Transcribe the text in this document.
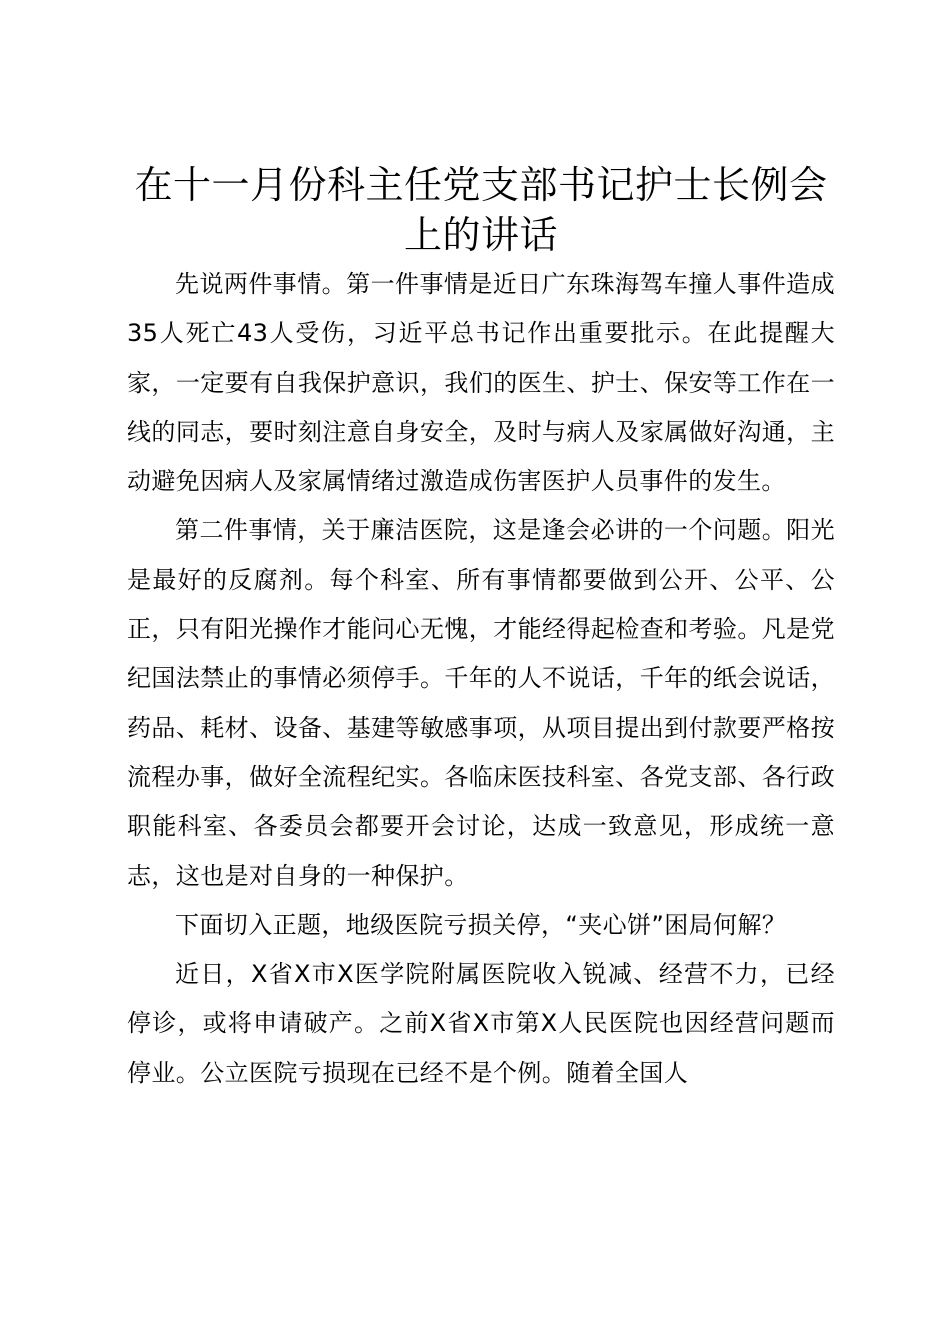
在十一月份科主任党支部书记护士长例会上的讲话

先说两件事情。第一件事情是近日广东珠海驾车撞人事件造成35人死亡43人受伤，习近平总书记作出重要批示。在此提醒大家，一定要有自我保护意识，我们的医生、护士、保安等工作在一线的同志，要时刻注意自身安全，及时与病人及家属做好沟通，主动避免因病人及家属情绪过激造成伤害医护人员事件的发生。

第二件事情，关于廉洁医院，这是逢会必讲的一个问题。阳光是最好的反腐剂。每个科室、所有事情都要做到公开、公平、公正，只有阳光操作才能问心无愧，才能经得起检查和考验。凡是党纪国法禁止的事情必须停手。千年的人不说话，千年的纸会说话，药品、耗材、设备、基建等敏感事项，从项目提出到付款要严格按流程办事，做好全流程纪实。各临床医技科室、各党支部、各行政职能科室、各委员会都要开会讨论，达成一致意见，形成统一意志，这也是对自身的一种保护。

下面切入正题，地级医院亏损关停，“夹心饼”困局何解？

近日，X省X市X医学院附属医院收入锐减、经营不力，已经停诊，或将申请破产。之前X省X市第X人民医院也因经营问题而停业。公立医院亏损现在已经不是个例。随着全国人
